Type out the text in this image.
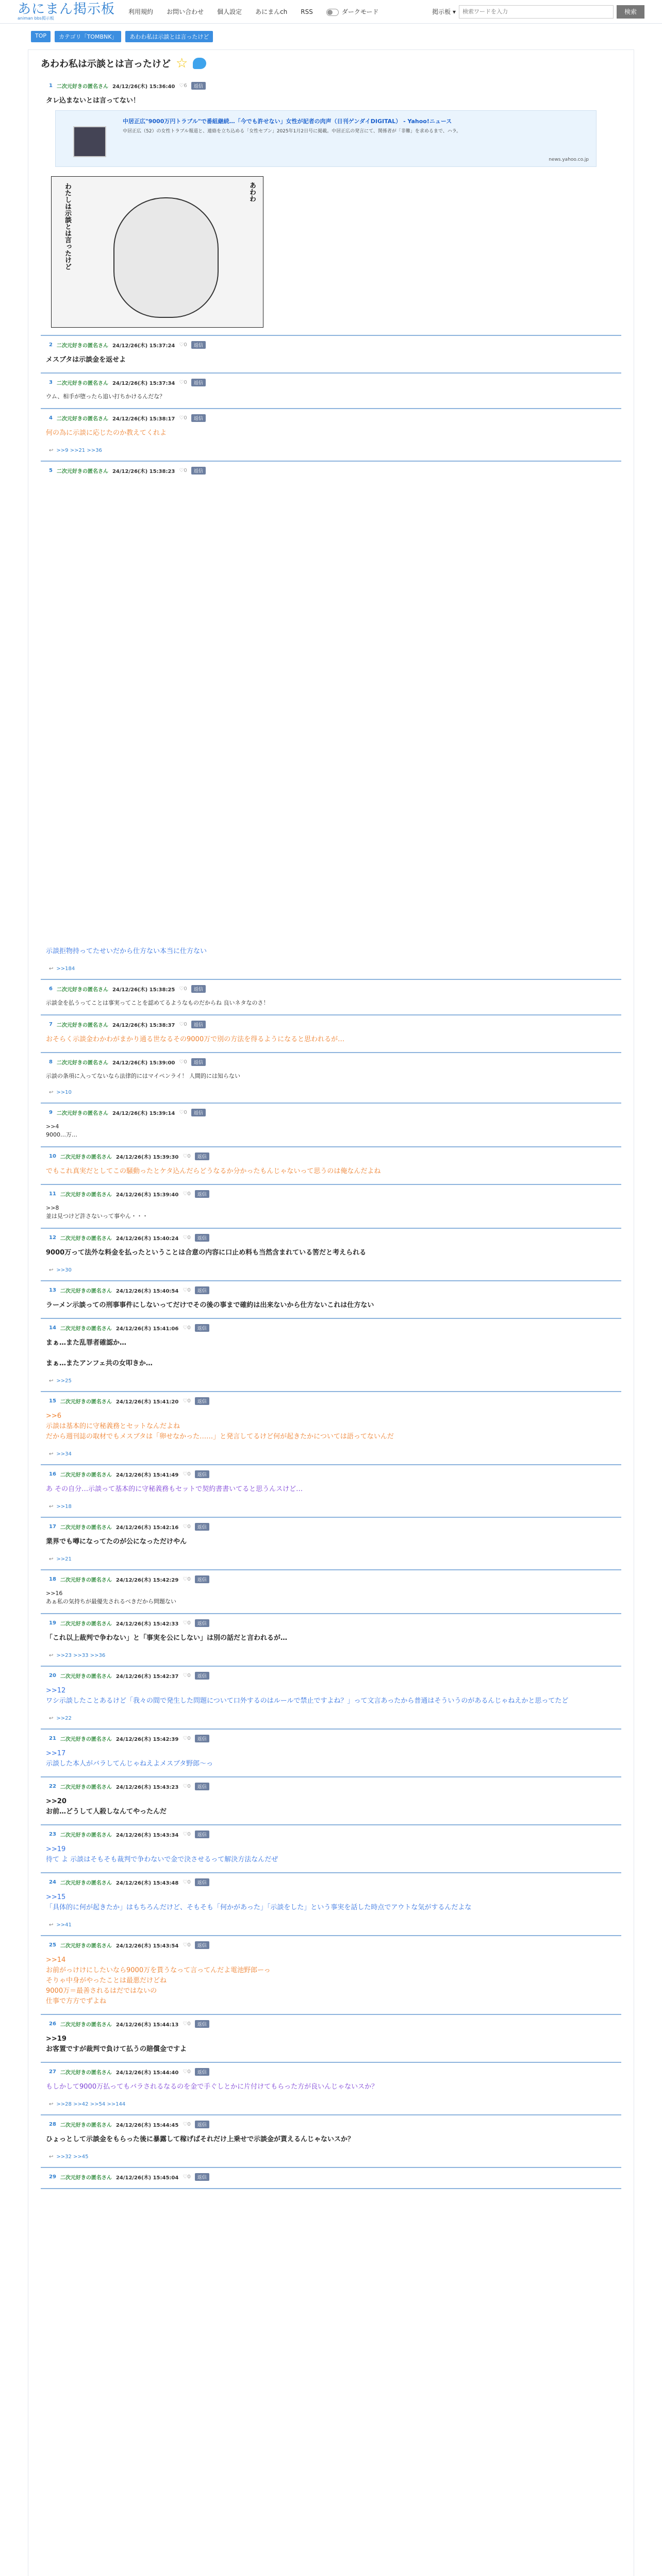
あにまん掲示板
animan bbs掲示板
利用規約 お問い合わせ 個人設定 あにまんch RSS	ダークモード	掲示板 ▾
検索ワードを入力	検索
TOP	カテゴリ「TOMBNK」	あわわ私は示談とは言ったけど
あわわ私は示談とは言ったけど ☆
1 二次元好きの匿名さん 24/12/26(木) 15:36:40 ♡6	返信
タレ込まないとは言ってない！
中居正広"9000万円トラブル"で番組継続…「今でも許せない」女性が記者の肉声（日刊ゲンダイDIGITAL） - Yahoo!ニュース
中居正広（52）の女性トラブル報道と、連絡を立ち込める「女性セブン」2025年1月2日号に掲載。中居正広の発言にて、関係者が「非難」を求めるまで、ハラ。
news.yahoo.co.jp
わたしは示談とは言ったけど	あわわ
2 二次元好きの匿名さん 24/12/26(木) 15:37:24 ♡0	返信
メスブタは示談金を返せよ
3 二次元好きの匿名さん 24/12/26(木) 15:37:34 ♡0	返信
ウム、相手が堕ったら追い打ちかけるんだな？
4 二次元好きの匿名さん 24/12/26(木) 15:38:17 ♡0	返信
何の為に示談に応じたのか教えてくれよ
↩ >>9 >>21 >>36
5 二次元好きの匿名さん 24/12/26(木) 15:38:23 ♡0	返信
示談拒物持ってたせいだから仕方ない本当に仕方ない
↩ >>184
6 二次元好きの匿名さん 24/12/26(木) 15:38:25 ♡0	返信
示談金を払うってことは事実ってことを認めてるようなものだからね 良いネタなのさ！
7 二次元好きの匿名さん 24/12/26(木) 15:38:37 ♡0	返信
おそらく示談金わかわがまかり通る世なるその9000万で別の方法を得るようになると思われるが…
8 二次元好きの匿名さん 24/12/26(木) 15:39:00 ♡0	返信
示談の条項に入ってないなら法律的にはマイペンライ！ 人間的には知らない
↩ >>10
9 二次元好きの匿名さん 24/12/26(木) 15:39:14 ♡0	返信
>>4
9000…万…
10 二次元好きの匿名さん 24/12/26(木) 15:39:30 ♡0	返信
でもこれ真実だとしてこの騒動ったとケタ込んだらどうなるか分かったもんじゃないって思うのは俺なんだよね
11 二次元好きの匿名さん 24/12/26(木) 15:39:40 ♡0	返信
>>8
並は見つけど許さないって事やん・・・
12 二次元好きの匿名さん 24/12/26(木) 15:40:24 ♡0	返信
9000万って法外な料金を払ったということは合意の内容に口止め料も当然含まれている筈だと考えられる
↩ >>30
13 二次元好きの匿名さん 24/12/26(木) 15:40:54 ♡0	返信
ラーメン示談っての刑事事件にしないってだけでその後の事まで確約は出来ないから仕方ないこれは仕方ない
14 二次元好きの匿名さん 24/12/26(木) 15:41:06 ♡0	返信
まぁ…また乱罪者確認か…

まぁ…またアンフェ共の女叩きか…
↩ >>25
15 二次元好きの匿名さん 24/12/26(木) 15:41:20 ♡0	返信
>>6
示談は基本的に守秘義務とセットなんだよね
だから週刊誌の取材でもメスブタは「卵せなかった……」と発言してるけど何が起きたかについては語ってないんだ
↩ >>34
16 二次元好きの匿名さん 24/12/26(木) 15:41:49 ♡0	返信
あ その自分…示談って基本的に守秘義務もセットで契約書書いてると思うんスけど…
↩ >>18
17 二次元好きの匿名さん 24/12/26(木) 15:42:16 ♡0	返信
業界でも噂になってたのが公になっただけやん
↩ >>21
18 二次元好きの匿名さん 24/12/26(木) 15:42:29 ♡0	返信
>>16
あぁ私の気持ちが最優先されるべきだから問題ない
19 二次元好きの匿名さん 24/12/26(木) 15:42:33 ♡0	返信
「これ以上裁判で争わない」と「事実を公にしない」は別の話だと言われるが…
↩ >>23 >>33 >>36
20 二次元好きの匿名さん 24/12/26(木) 15:42:37 ♡0	返信
>>12
ワシ示談したことあるけど「我々の間で発生した問題について口外するのはルールで禁止ですよね？」って文言あったから普通はそういうのがあるんじゃねえかと思ってたど
↩ >>22
21 二次元好きの匿名さん 24/12/26(木) 15:42:39 ♡0	返信
>>17
示談した本人がバラしてんじゃねえよメスブタ野郎〜っ
22 二次元好きの匿名さん 24/12/26(木) 15:43:23 ♡0	返信
>>20
お前…どうして人殺しなんてやったんだ
23 二次元好きの匿名さん 24/12/26(木) 15:43:34 ♡0	返信
>>19
待て よ 示談はそもそも裁判で争わないで金で決させるって解決方法なんだぜ
24 二次元好きの匿名さん 24/12/26(木) 15:43:48 ♡0	返信
>>15
「具体的に何が起きたか」はもちろんだけど、そもそも「何かがあった」「示談をした」という事実を話した時点でアウトな気がするんだよな
↩ >>41
25 二次元好きの匿名さん 24/12/26(木) 15:43:54 ♡0	返信
>>14
お前がっけけにしたいなら9000万を貰うなって言ってんだよ電池野郎ーっ
そりゃ中身がやったことは最悪だけどね
9000万＝最善されるはだではないの
仕事で方方でずよね
26 二次元好きの匿名さん 24/12/26(木) 15:44:13 ♡0	返信
>>19
お客置ですが裁判で負けて払うの賠償金ですよ
27 二次元好きの匿名さん 24/12/26(木) 15:44:40 ♡0	返信
もしかして9000万払ってもバラされるなるのを金で手ぐしとかに片付けてもらった方が良いんじゃないスか？
↩ >>28 >>42 >>54 >>144
28 二次元好きの匿名さん 24/12/26(木) 15:44:45 ♡0	返信
ひょっとして示談金をもらった後に暴露して稼げばそれだけ上乗せで示談金が貰えるんじゃないスか？
↩ >>32 >>45
29 二次元好きの匿名さん 24/12/26(木) 15:45:04 ♡0	返信
